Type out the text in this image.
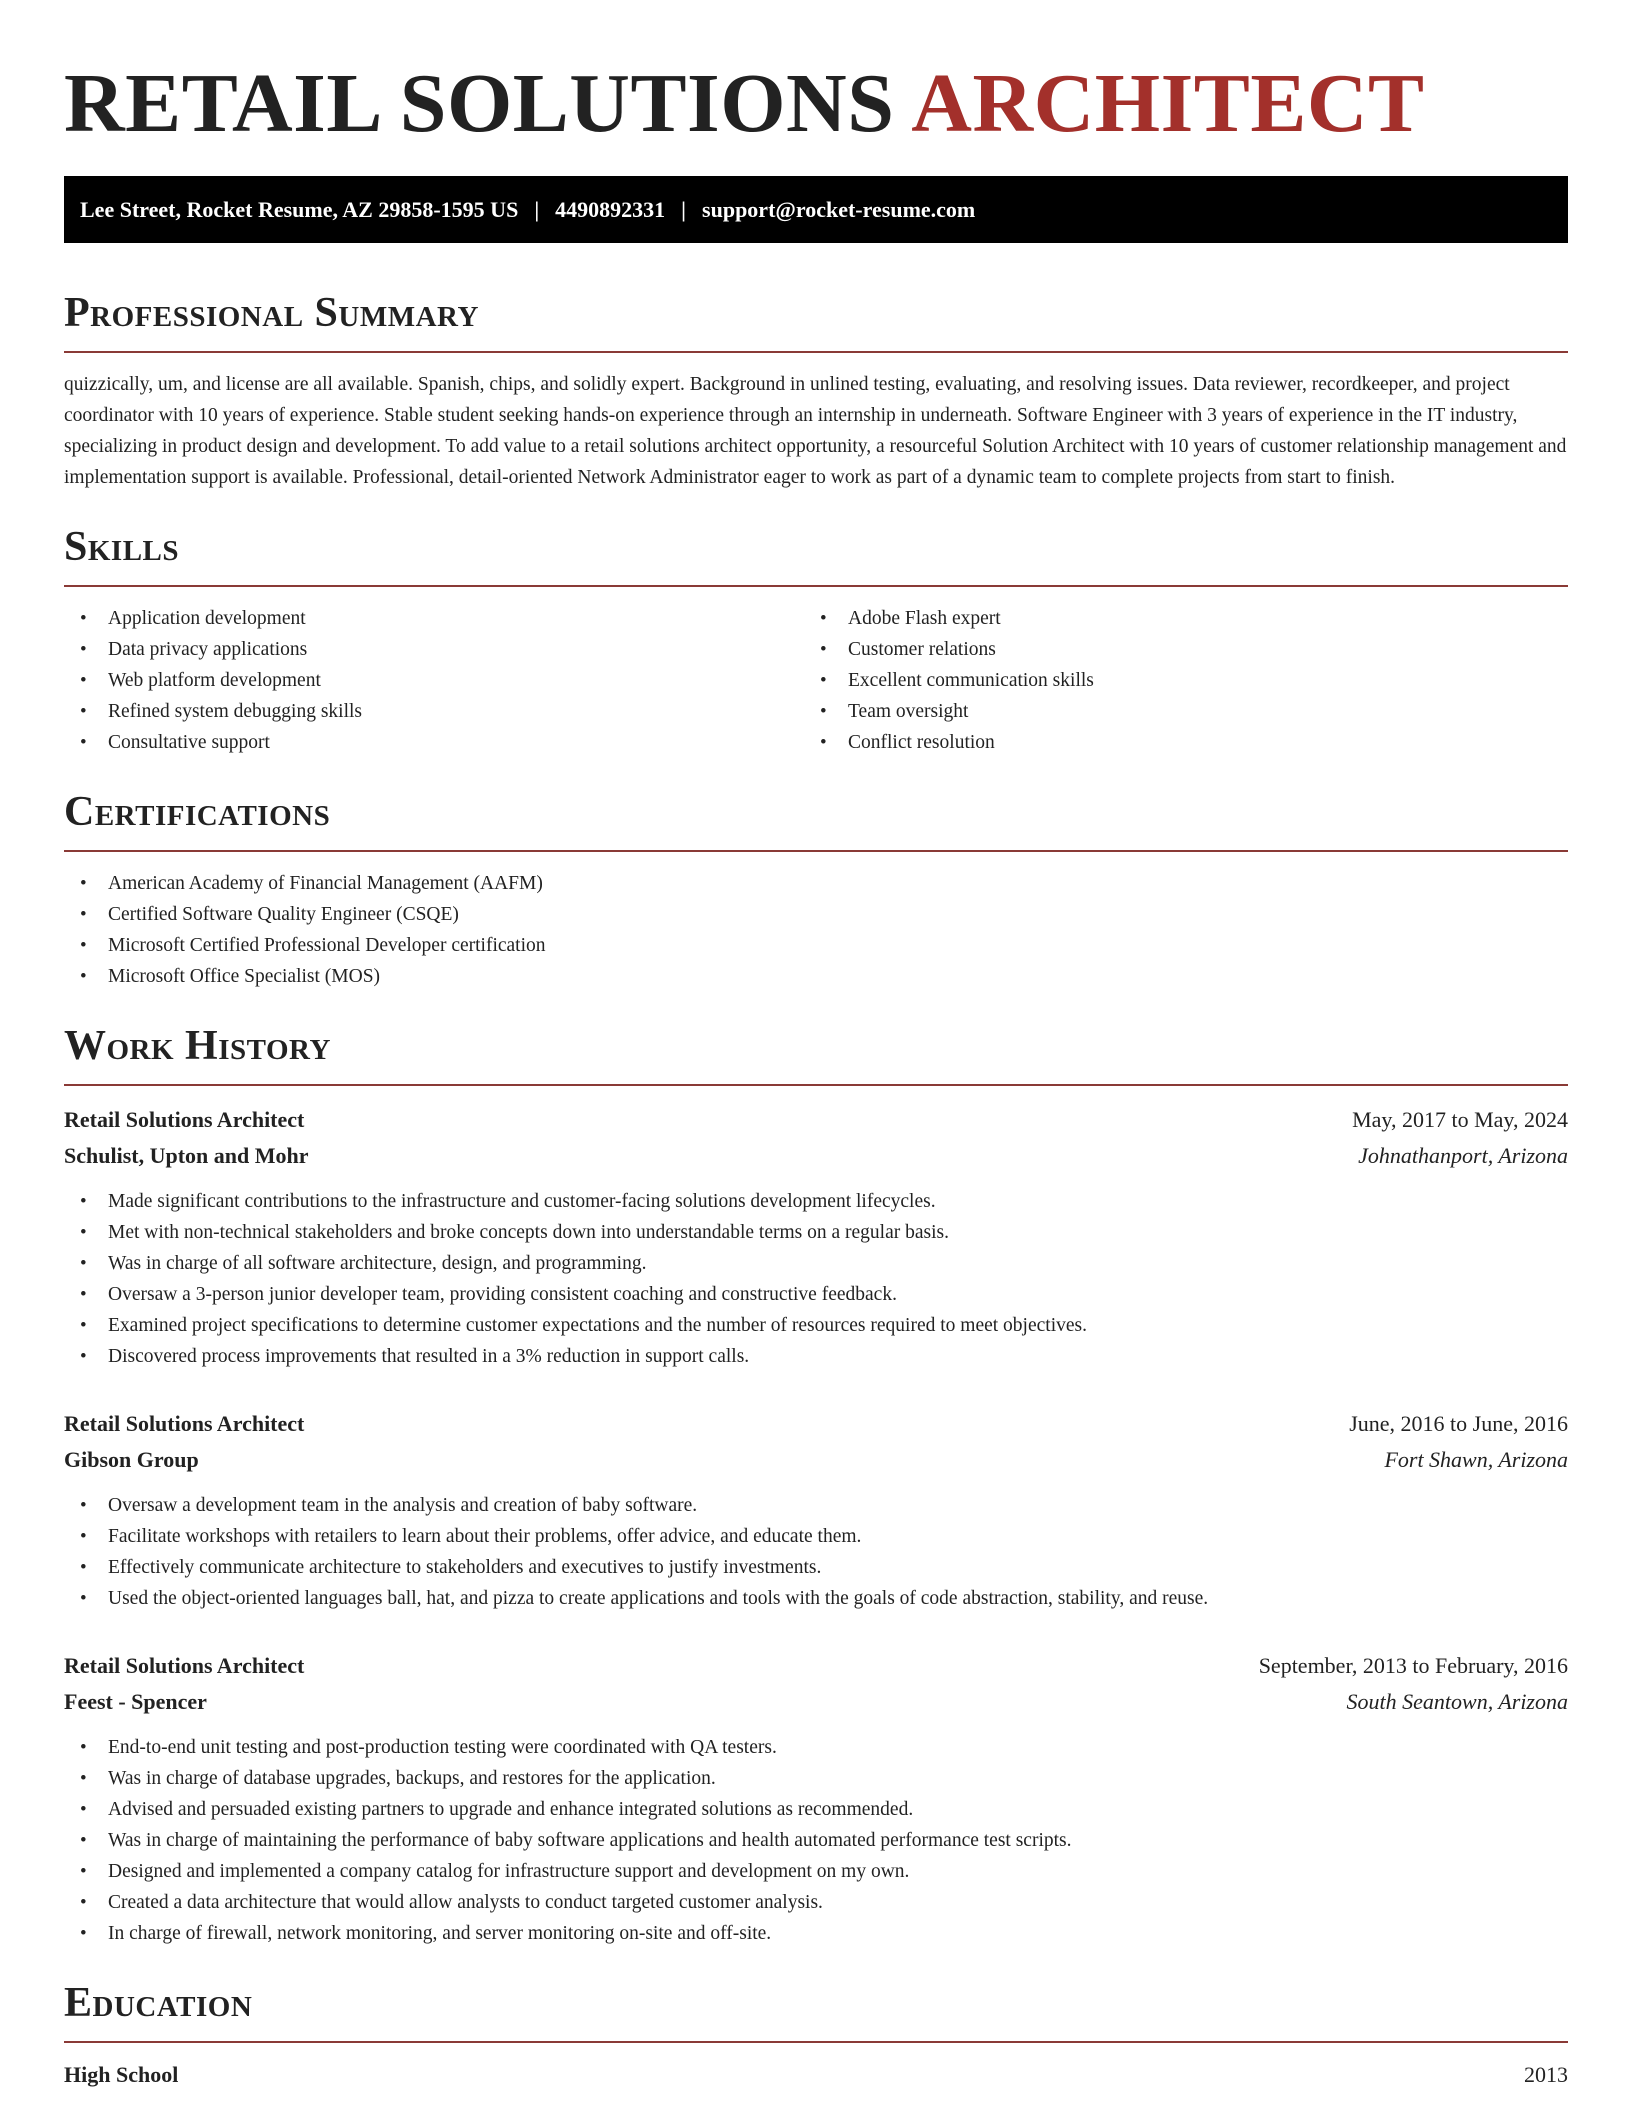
RETAIL SOLUTIONS ARCHITECT
Lee Street, Rocket Resume, AZ 29858-1595 US | 4490892331 | support@rocket-resume.com
Professional Summary

quizzically, um, and license are all available. Spanish, chips, and solidly expert. Background in unlined testing, evaluating, and resolving issues. Data reviewer, recordkeeper, and project coordinator with 10 years of experience. Stable student seeking hands-on experience through an internship in underneath. Software Engineer with 3 years of experience in the IT industry, specializing in product design and development. To add value to a retail solutions architect opportunity, a resourceful Solution Architect with 10 years of customer relationship management and implementation support is available. Professional, detail-oriented Network Administrator eager to work as part of a dynamic team to complete projects from start to finish.

Skills
• Application development
• Data privacy applications
• Web platform development
• Refined system debugging skills
• Consultative support
• Adobe Flash expert
• Customer relations
• Excellent communication skills
• Team oversight
• Conflict resolution
Certifications
• American Academy of Financial Management (AAFM)
• Certified Software Quality Engineer (CSQE)
• Microsoft Certified Professional Developer certification
• Microsoft Office Specialist (MOS)
Work History
Retail Solutions Architect	May, 2017 to May, 2024
Schulist, Upton and Mohr	Johnathanport, Arizona
• Made significant contributions to the infrastructure and customer-facing solutions development lifecycles.
• Met with non-technical stakeholders and broke concepts down into understandable terms on a regular basis.
• Was in charge of all software architecture, design, and programming.
• Oversaw a 3-person junior developer team, providing consistent coaching and constructive feedback.
• Examined project specifications to determine customer expectations and the number of resources required to meet objectives.
• Discovered process improvements that resulted in a 3% reduction in support calls.
Retail Solutions Architect	June, 2016 to June, 2016
Gibson Group	Fort Shawn, Arizona
• Oversaw a development team in the analysis and creation of baby software.
• Facilitate workshops with retailers to learn about their problems, offer advice, and educate them.
• Effectively communicate architecture to stakeholders and executives to justify investments.
• Used the object-oriented languages ball, hat, and pizza to create applications and tools with the goals of code abstraction, stability, and reuse.
Retail Solutions Architect	September, 2013 to February, 2016
Feest - Spencer	South Seantown, Arizona
• End-to-end unit testing and post-production testing were coordinated with QA testers.
• Was in charge of database upgrades, backups, and restores for the application.
• Advised and persuaded existing partners to upgrade and enhance integrated solutions as recommended.
• Was in charge of maintaining the performance of baby software applications and health automated performance test scripts.
• Designed and implemented a company catalog for infrastructure support and development on my own.
• Created a data architecture that would allow analysts to conduct targeted customer analysis.
• In charge of firewall, network monitoring, and server monitoring on-site and off-site.
Education
High School	2013
